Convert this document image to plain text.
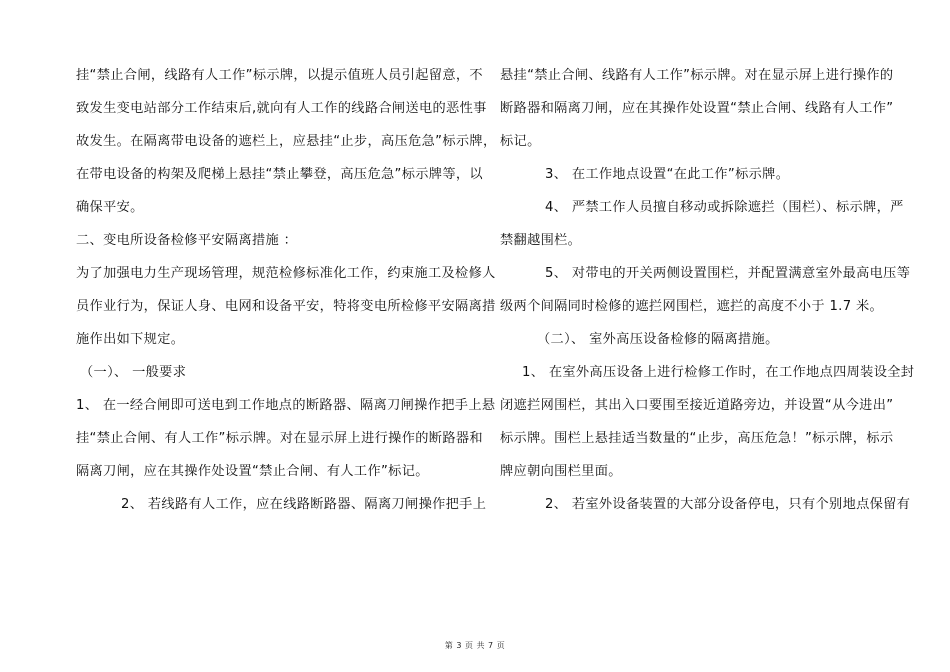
挂“禁止合闸，线路有人工作”标示牌，以提示值班人员引起留意，不
致发生变电站部分工作结束后,就向有人工作的线路合闸送电的恶性事
故发生。在隔离带电设备的遮栏上，应悬挂“止步，高压危急”标示牌，
在带电设备的构架及爬梯上悬挂“禁止攀登，高压危急”标示牌等，以
确保平安。
二、变电所设备检修平安隔离措施 ：
为了加强电力生产现场管理，规范检修标准化工作，约束施工及检修人
员作业行为，保证人身、电网和设备平安，特将变电所检修平安隔离措
施作出如下规定。
（一）、 一般要求
1、 在一经合闸即可送电到工作地点的断路器、隔离刀闸操作把手上悬
挂“禁止合闸、有人工作”标示牌。对在显示屏上进行操作的断路器和
隔离刀闸，应在其操作处设置“禁止合闸、有人工作”标记。
2、 若线路有人工作，应在线路断路器、隔离刀闸操作把手上
悬挂“禁止合闸、线路有人工作”标示牌。对在显示屏上进行操作的
断路器和隔离刀闸，应在其操作处设置“禁止合闸、线路有人工作”
标记。
3、 在工作地点设置“在此工作”标示牌。
4、 严禁工作人员擅自移动或拆除遮拦（围栏）、标示牌，严
禁翻越围栏。
5、 对带电的开关两侧设置围栏，并配置满意室外最高电压等
级两个间隔同时检修的遮拦网围栏，遮拦的高度不小于 1.7 米。
（二）、 室外高压设备检修的隔离措施。
1、 在室外高压设备上进行检修工作时，在工作地点四周装设全封
闭遮拦网围栏，其出入口要围至接近道路旁边，并设置“从今进出”
标示牌。围栏上悬挂适当数量的“止步，高压危急！”标示牌，标示
牌应朝向围栏里面。
2、 若室外设备装置的大部分设备停电，只有个别地点保留有
第 3 页 共 7 页
